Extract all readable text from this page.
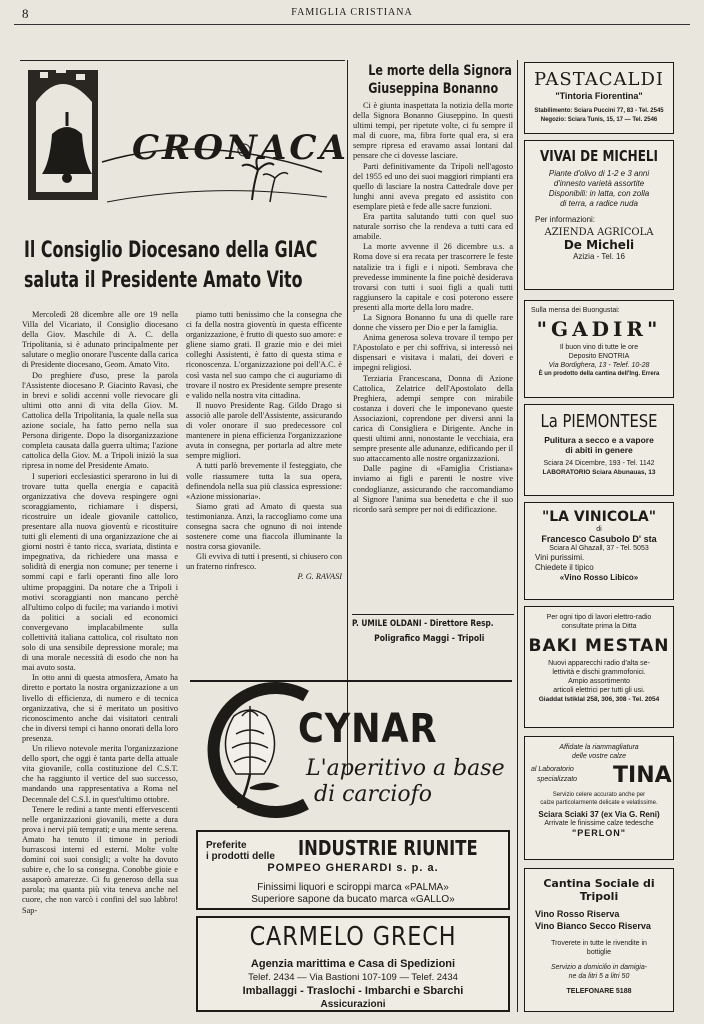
8	FAMIGLIA CRISTIANA
CRONACA
Il Consiglio Diocesano della GIAC
saluta il Presidente Amato Vito

Mercoledì 28 dicembre alle ore 19 nella Villa del Vicariato, il Consiglio diocesano della Giov. Maschile di A. C. della Tripolitania, si è adunato principalmente per salutare o meglio onorare l'uscente dalla carica di Presidente diocesano, Geom. Amato Vito.

Do preghiere d'uso, prese la parola l'Assistente diocesano P. Giacinto Ravasi, che in brevi e solidi accenni volle rievocare gli ultimi otto anni di vita della Giov. M. Cattolica della Tripolitania, la quale nella sua azione sociale, ha fatto perno nella sua Persona dirigente. Dopo la disorganizzazione completa causata dalla guerra ultima; l'azione cattolica della Giov. M. a Tripoli iniziò la sua ripresa in nome del Presidente Amato.

I superiori ecclesiastici sperarono in lui di trovare tutta quella energia e capacità organizzativa che doveva respingere ogni scoraggiamento, richiamare i dispersi, ricostruire un ideale giovanile cattolico, presentare alla nuova gioventù e ricostituire tutti gli elementi di una organizzazione che ai giorni nostri è tanto ricca, svariata, distinta e impegnativa, da richiedere una massa e solidità di energia non comune; per tenerne i sommi capi e farli operanti fino alle loro ultime propaggini. Da notare che a Tripoli i motivi scoraggianti non mancano perchè all'ultimo colpo di fucile; ma variando i motivi da politici a sociali ed economici convergevano implacabilmente sulla collettività italiana cattolica, col risultato non solo di una sensibile depressione morale; ma di una morale necessità di esodo che non ha mai avuto sosta.

In otto anni di questa atmosfera, Amato ha diretto e portato la nostra organizzazione a un livello di efficienza, di numero e di tecnica organizzativa, che si è meritato un positivo riconoscimento anche dai visitatori centrali che in diversi tempi ci hanno onorati della loro presenza.

Un rilievo notevole merita l'organizzazione dello sport, che oggi è tanta parte della attuale vita giovanile, colla costituzione del C.S.T. che ha raggiunto il vertice del suo successo, mandando una rappresentativa a Roma nel Decennale del C.S.I. in quest'ultimo ottobre.

Tenere le redini a tante menti effervescenti nelle organizzazioni giovanili, mette a dura prova i nervi più temprati; e una mente serena. Amato ha tenuto il timone in periodi burrascosi interni ed esterni. Molte volte domini coi suoi consigli; a volte ha dovuto subire e, che lo sa consegna. Conobbe gioie e assaporò amarezze. Ci fu generoso della sua parola; ma quanta più vita teneva anche nel cuore, che non varcò i confini del suo labbro! Sap-

piamo tutti benissimo che la consegna che ci fa della nostra gioventù in questa efficente organizzazione, è frutto di questo suo amore: e gliene siamo grati. Il grazie mio e dei miei colleghi Assistenti, è fatto di questa stima e riconoscenza. L'organizzazione poi dell'A.C. è così vasta nel suo campo che ci auguriamo di trovare il nostro ex Presidente sempre presente e valido nella nostra vita cittadina.

Il nuovo Presidente Rag. Gildo Drago si associò alle parole dell'Assistente, assicurando di voler onorare il suo predecessore col mantenere in piena efficienza l'organizzazione avuta in consegna, per portarla ad altre mete sempre migliori.

A tutti parlò brevemente il festeggiato, che volle riassumere tutta la sua opera, definendola nella sua più classica espressione: «Azione missionaria».

Siamo grati ad Amato di questa sua testimonianza. Anzi, la raccogliamo come una consegna sacra che ognuno di noi intende sostenere come una fiaccola illuminante la nostra corsa giovanile.

Gli evviva di tutti i presenti, si chiusero con un fraterno rinfresco.

P. G. RAVASI

Le morte della Signora
Giuseppina Bonanno

Ci è giunta inaspettata la notizia della morte della Signora Bonanno Giuseppino. In questi ultimi tempi, per ripetute volte, ci fu sempre il mal di cuore, ma, fibra forte qual era, si era sempre ripresa ed eravamo assai lontani dal pensare che ci dovesse lasciare.

Parti definitivamente da Tripoli nell'agosto del 1955 ed uno dei suoi maggiori rimpianti era quello di lasciare la nostra Cattedrale dove per lunghi anni aveva pregato ed assistito con esemplare pietà e fede alle sacre funzioni.

Era partita salutando tutti con quel suo naturale sorriso che la rendeva a tutti cara ed amabile.

La morte avvenne il 26 dicembre u.s. a Roma dove si era recata per trascorrere le feste natalizie tra i figli e i nipoti. Sembrava che prevedesse imminente la fine poichè desiderava trovarsi con tutti i suoi figli a quali tutti raggiunsero la capitale e così poterono essere presenti alla morte della loro madre.

La Signora Bonanno fu una di quelle rare donne che vissero per Dio e per la famiglia.

Anima generosa soleva trovare il tempo per l'Apostolato e per chi soffriva, si interessò nei dispensari e visitava i malati, dei doveri e impegni religiosi.

Terziaria Francescana, Donna di Azione Cattolica, Zelatrice dell'Apostolato della Preghiera, adempì sempre con mirabile costanza i doveri che le imponevano queste Associazioni, coprendone per diversi anni la carica di Consigliera e Dirigente. Anche in questi ultimi anni, nonostante le vecchiaia, era sempre presente alle adunanze, edificando per il suo attaccamento alle nostre organizzazioni.

Dalle pagine di «Famiglia Cristiana» inviamo ai figli e parenti le nostre vive condoglianze, assicurando che raccomandiamo al Signore l'anima sua benedetta e che il suo ricordo sarà sempre per noi di edificazione.

P. UMILE OLDANI - Direttore Resp.
Poligrafico Maggi - Tripoli
CYNAR
L'aperitivo a base
di carciofo
Preferite
i prodotti delle INDUSTRIE RIUNITE
POMPEO GHERARDI s. p. a.
Finissimi liquori e sciroppi marca «PALMA»
Superiore sapone da bucato marca «GALLO»
CARMELO GRECH
Agenzia marittima e Casa di Spedizioni
Telef. 2434 — Via Bastioni 107-109 — Telef. 2434
Imballaggi - Traslochi - Imbarchi e Sbarchi
Assicurazioni
PASTACALDI
"Tintoria Fiorentina"
Stabilimento: Sciara Puccini 77, 83 - Tel. 2545
Negozio: Sciara Tunis, 15, 17 — Tel. 2546
VIVAI DE MICHELI
Piante d'olivo di 1-2 e 3 anni
d'innesto varietà assortite
Disponibili: in latta, con zolla
di terra, a radice nuda
Per informazioni:
AZIENDA AGRICOLA
De Micheli
Azizia - Tel. 16
Sulla mensa dei Buongustai:
"GADIR"
Il buon vino di tutte le ore
Deposito ENOTRIA
Via Bordighera, 13 - Telef. 10-28
È un prodotto della cantina dell'Ing. Errera
La PIEMONTESE
Pulitura a secco e a vapore
di abiti in genere
Sciara 24 Dicembre, 193 - Tel. 1142
LABORATORIO Sciara Abunauas, 13
"LA VINICOLA"
di
Francesco Casubolo D' sta
Sciara Al Ghazall, 37 - Tel. 5053
Vini purissimi.
Chiedete il tipico
«Vino Rosso Libico»
Per ogni tipo di lavori elettro-radio
consultate prima la Ditta
BAKI MESTAN
Nuovi apparecchi radio d'alta se-
lettività e dischi grammofonici.
Ampio assortimento
articoli elettrici per tutti gli usi.
Giaddat Istiklal 258, 306, 308 - Tel. 2054
Affidate la riammagliatura
delle vostre calze
al Laboratorio
specializzato TINA
Servizio celere accurato anche per
calze particolarmente delicate e velatissime.
Sciara Sciaki 37 (ex Via G. Reni)
Arrivate le finissime calze tedesche
"PERLON"
Cantina Sociale di Tripoli
Vino Rosso Riserva
Vino Bianco Secco Riserva
Troverete in tutte le rivendite in
bottiglie
Servizio a domicilio in damigia-
ne da litri 5 a litri 50
TELEFONARE 5188
